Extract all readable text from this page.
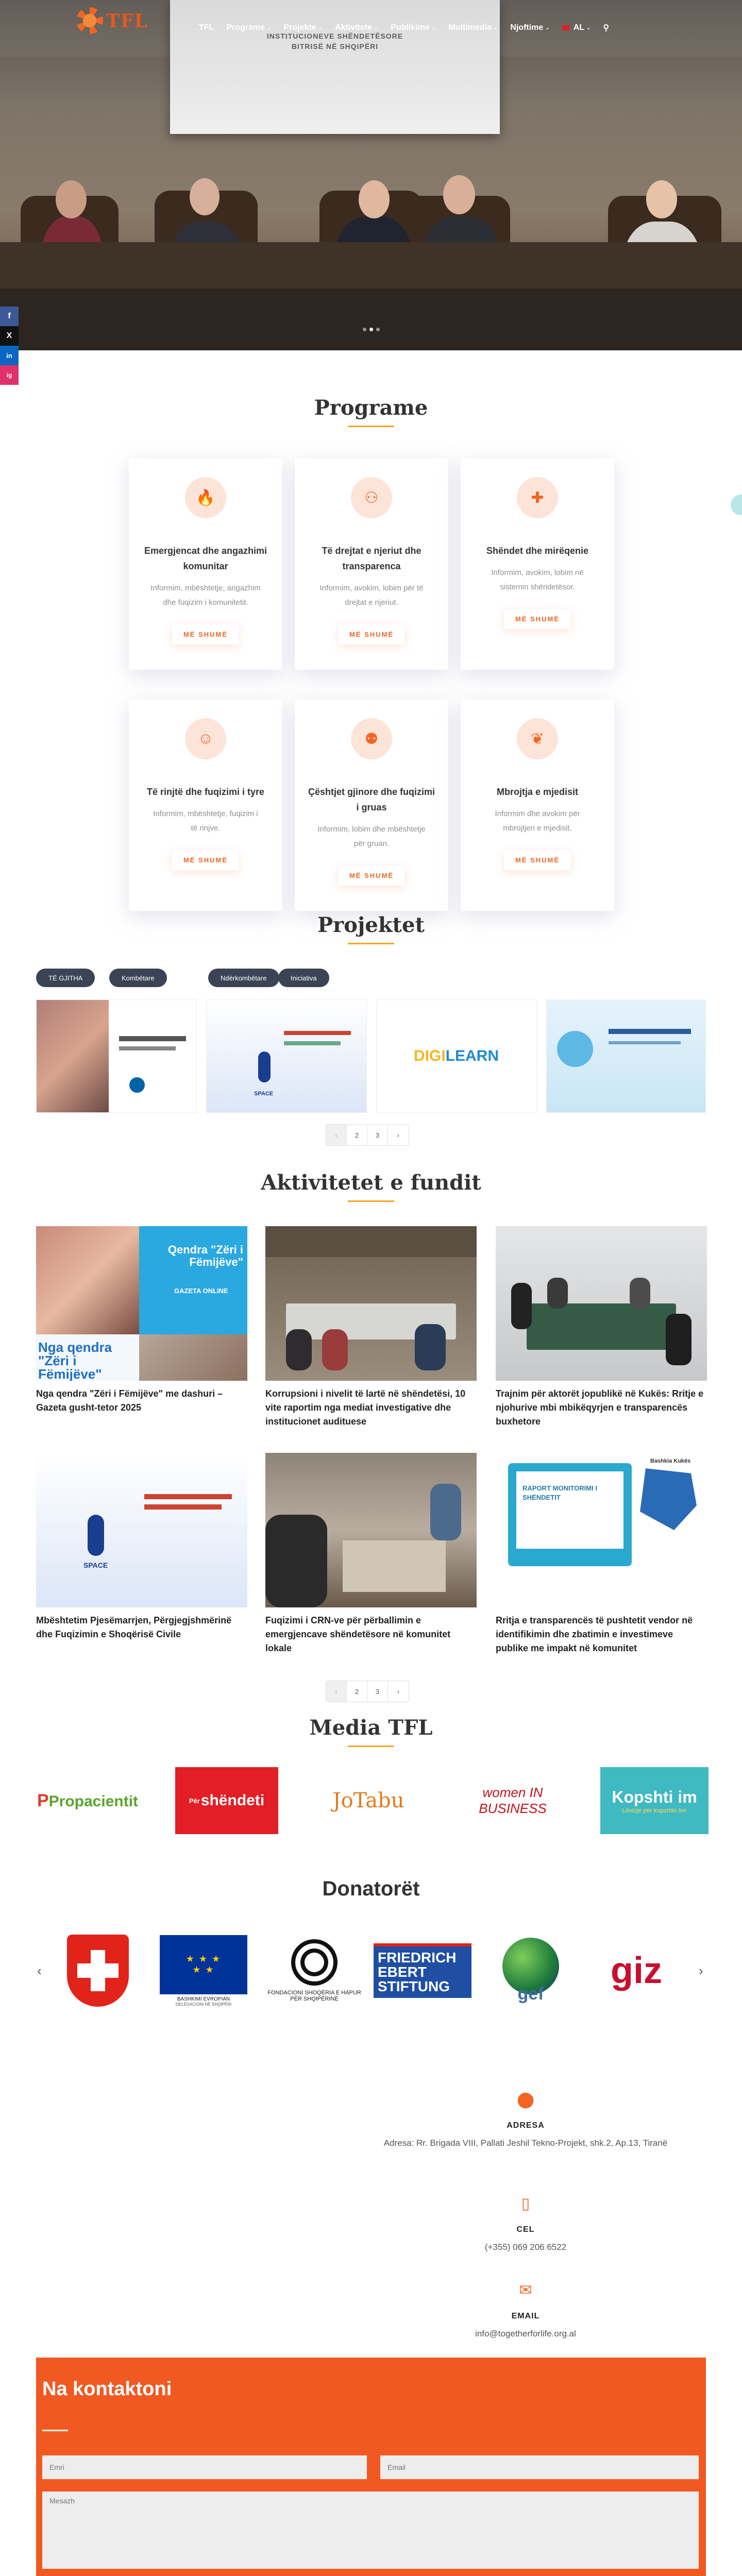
INSTITUCIONEVE SHËNDETËSORE
BITRISË NË SHQIPËRI
TFL	TFL Programe ⌄ Projekte ⌄ Aktivitete ⌄ Publikime ⌄ Multimedia ⌄ Njoftime ⌄	AL ⌄ ⚲
f
X
in
ig
Programe
🔥
Emergjencat dhe angazhimi komunitar

Informim, mbështetje, angazhim dhe fuqizim i komunitetit.

MË SHUMË
⚇
Të drejtat e njeriut dhe transparenca

Informim, avokim, lobim për të drejtat e njeriut.

MË SHUMË
✚
Shëndet dhe mirëqenie

Informim, avokim, lobim në sistemin shëndetësor.

MË SHUMË
☺
Të rinjtë dhe fuqizimi i tyre

Informim, mbështetje, fuqizim i të rinjve.

MË SHUMË
⚉
Çështjet gjinore dhe fuqizimi i gruas

Informim, lobim dhe mbështetje për gruan.

MË SHUMË
❦
Mbrojtja e mjedisit

Informim dhe avokim për mbrojtjen e mjedisit.

MË SHUMË
Projektet
TË GJITHA	Kombëtare	Ndërkombëtare	Iniciativa
SPACE
DIGILEARN
‹	2	3	›
Aktivitetet e fundit
Qendra "Zëri i Fëmijëve"
GAZETA ONLINE
Nga qendra "Zëri i Fëmijëve"
Nga qendra "Zëri i Fëmijëve" me dashuri – Gazeta gusht-tetor 2025
Korrupsioni i nivelit të lartë në shëndetësi, 10 vite raportim nga mediat investigative dhe institucionet audituese
Trajnim për aktorët jopublikë në Kukës: Rritje e njohurive mbi mbikëqyrjen e transparencës buxhetore
SPACE
Mbështetim Pjesëmarrjen, Përgjegjshmërinë dhe Fuqizimin e Shoqërisë Civile
Fuqizimi i CRN-ve për përballimin e emergjencave shëndetësore në komunitet lokale
RAPORT MONITORIMI I SHËNDETIT
Bashkia Kukës
Rritja e transparencës të pushtetit vendor në identifikimin dhe zbatimin e investimeve publike me impakt në komunitet
‹	2	3	›
Media TFL
PPropacientit	Për shëndeti	JoTabu	women IN BUSINESS
Kopshti im
Lëvizje për kopshtin tim
Donatorët
‹	›
★ ★ ★
★ ★
BASHKIMI EVROPIAN
DELEGACIONI NË SHQIPËRI
FONDACIONI SHOQËRIA E HAPUR PËR SHQIPËRINË
FRIEDRICH EBERT STIFTUNG	gef
giz
⬤
ADRESA
Adresa: Rr. Brigada VIII, Pallati Jeshil Tekno-Projekt, shk.2, Ap.13, Tiranë
▯
CEL
(+355) 069 206 6522
✉
EMAIL
info@togetherforlife.org.al
Na kontaktoni
Emri
Email
Mesazh
